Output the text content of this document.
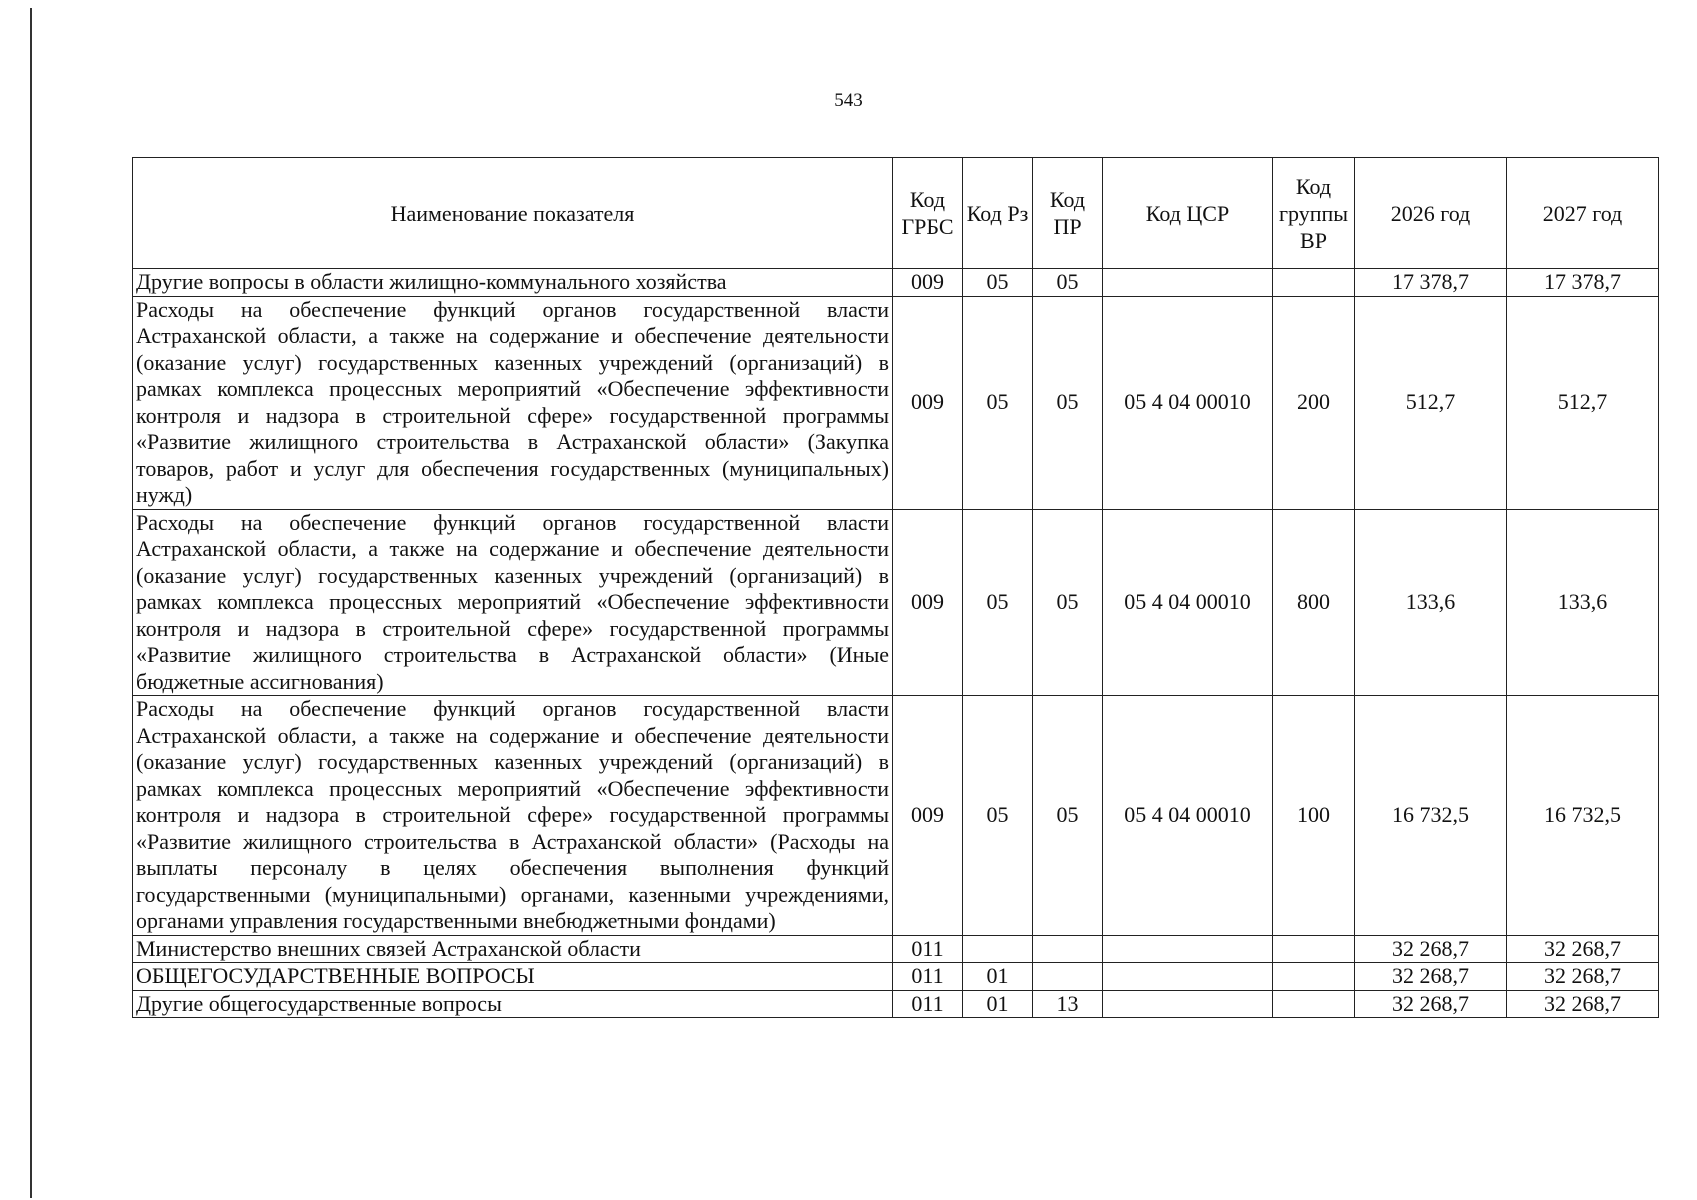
543
Наименование показателя	Код ГРБС	Код Рз	Код ПР	Код ЦСР	Код группы ВР	2026 год	2027 год
Другие вопросы в области жилищно-коммунального хозяйства	009	05	05			17 378,7	17 378,7
Расходы на обеспечение функций органов государственной власти Астраханской области, а также на содержание и обеспечение деятельности (оказание услуг) государственных казенных учреждений (организаций) в рамках комплекса процессных мероприятий «Обеспечение эффективности контроля и надзора в строительной сфере» государственной программы «Развитие жилищного строительства в Астраханской области» (Закупка товаров, работ и услуг для обеспечения государственных (муниципальных) нужд)	009	05	05	05 4 04 00010	200	512,7	512,7
Расходы на обеспечение функций органов государственной власти Астраханской области, а также на содержание и обеспечение деятельности (оказание услуг) государственных казенных учреждений (организаций) в рамках комплекса процессных мероприятий «Обеспечение эффективности контроля и надзора в строительной сфере» государственной программы «Развитие жилищного строительства в Астраханской области» (Иные бюджетные ассигнования)	009	05	05	05 4 04 00010	800	133,6	133,6
Расходы на обеспечение функций органов государственной власти Астраханской области, а также на содержание и обеспечение деятельности (оказание услуг) государственных казенных учреждений (организаций) в рамках комплекса процессных мероприятий «Обеспечение эффективности контроля и надзора в строительной сфере» государственной программы «Развитие жилищного строительства в Астраханской области» (Расходы на выплаты персоналу в целях обеспечения выполнения функций государственными (муниципальными) органами, казенными учреждениями, органами управления государственными внебюджетными фондами)	009	05	05	05 4 04 00010	100	16 732,5	16 732,5
Министерство внешних связей Астраханской области	011					32 268,7	32 268,7
ОБЩЕГОСУДАРСТВЕННЫЕ ВОПРОСЫ	011	01				32 268,7	32 268,7
Другие общегосударственные вопросы	011	01	13			32 268,7	32 268,7
